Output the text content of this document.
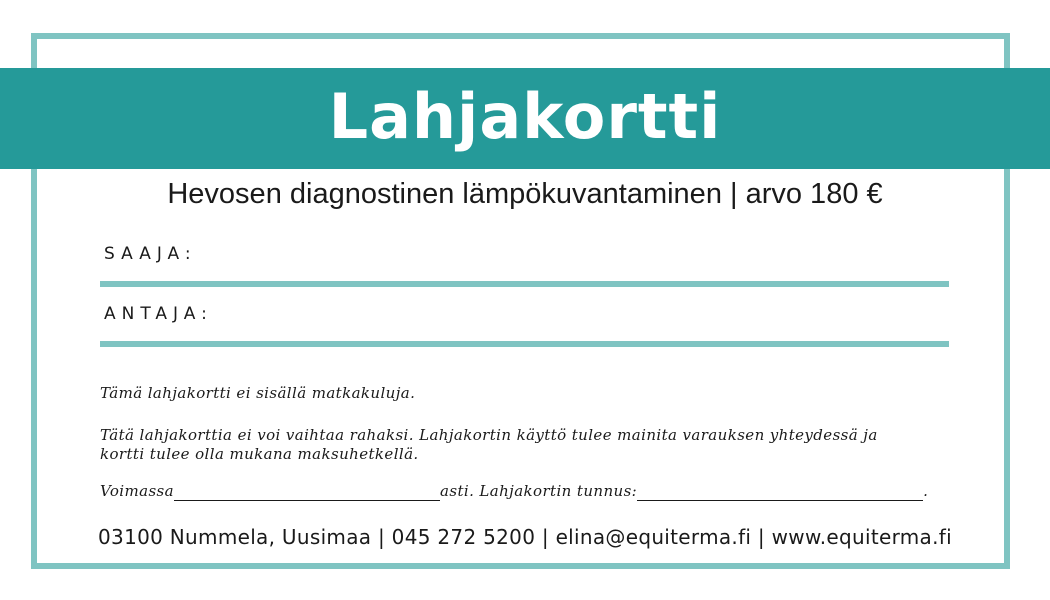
Lahjakortti
Hevosen diagnostinen lämpökuvantaminen | arvo 180 €
SAAJA:
ANTAJA:
Tämä lahjakortti ei sisällä matkakuluja.
Tätä lahjakorttia ei voi vaihtaa rahaksi. Lahjakortin käyttö tulee mainita varauksen yhteydessä ja
kortti tulee olla mukana maksuhetkellä.
Voimassa	asti. Lahjakortin tunnus:	.
03100 Nummela, Uusimaa | 045 272 5200 | elina@equiterma.fi | www.equiterma.fi
